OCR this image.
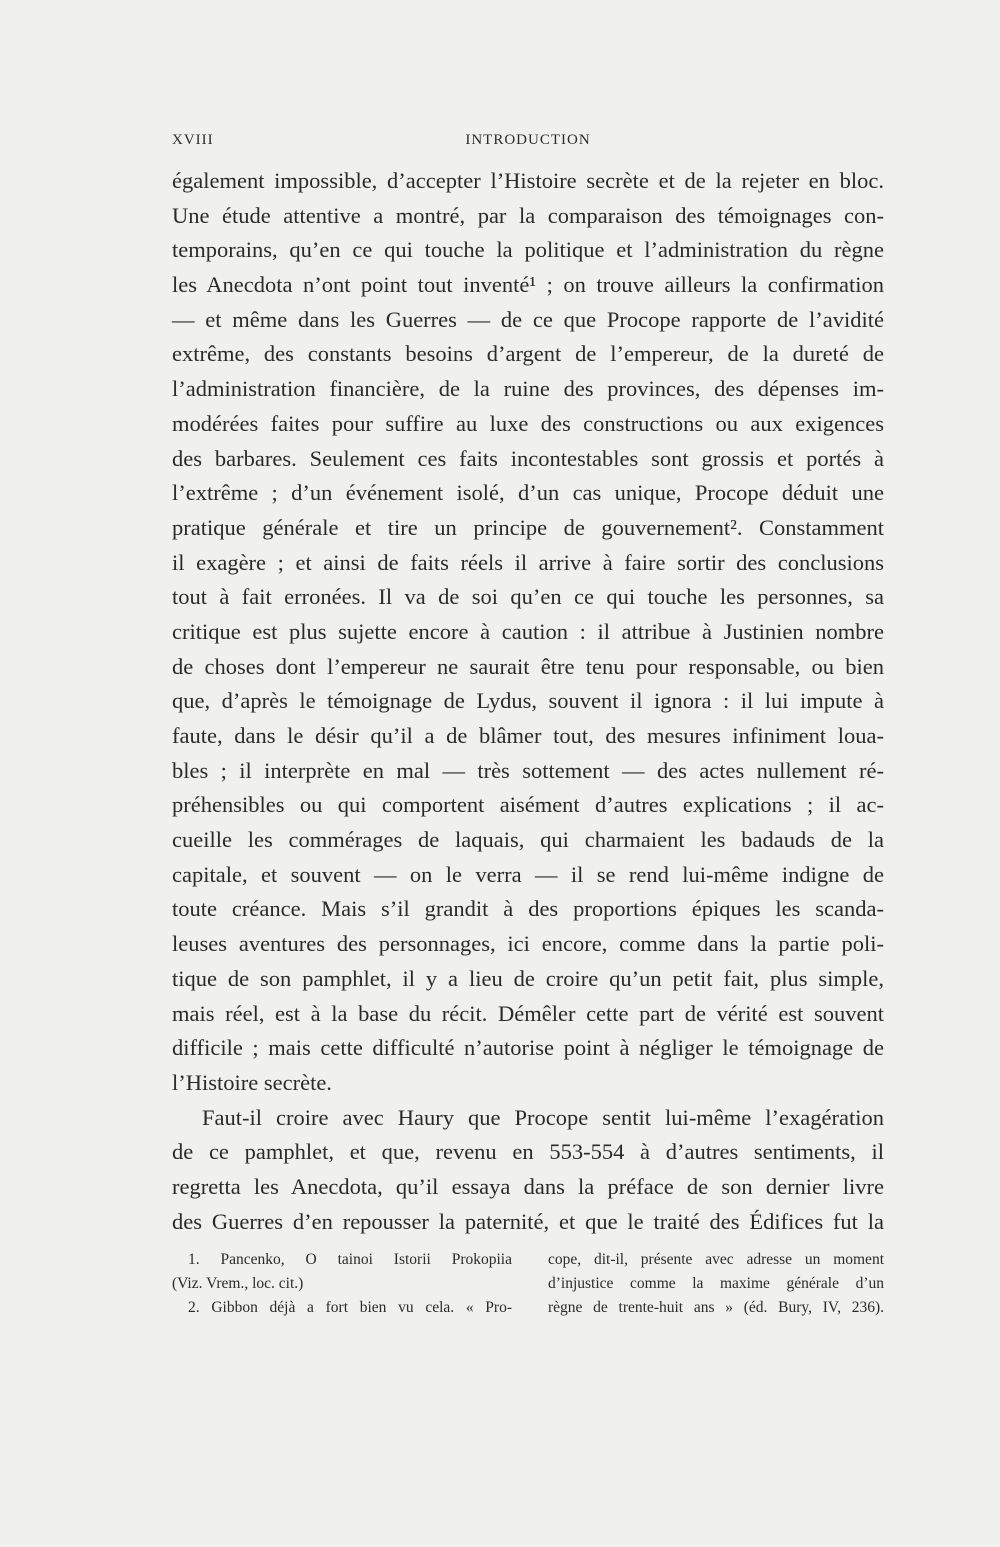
XVIII	INTRODUCTION
également impossible, d’accepter l’Histoire secrète et de la rejeter en bloc.
Une étude attentive a montré, par la comparaison des témoignages con-
temporains, qu’en ce qui touche la politique et l’administration du règne
les Anecdota n’ont point tout inventé¹ ; on trouve ailleurs la confirmation
— et même dans les Guerres — de ce que Procope rapporte de l’avidité
extrême, des constants besoins d’argent de l’empereur, de la dureté de
l’administration financière, de la ruine des provinces, des dépenses im-
modérées faites pour suffire au luxe des constructions ou aux exigences
des barbares. Seulement ces faits incontestables sont grossis et portés à
l’extrême ; d’un événement isolé, d’un cas unique, Procope déduit une
pratique générale et tire un principe de gouvernement². Constamment
il exagère ; et ainsi de faits réels il arrive à faire sortir des conclusions
tout à fait erronées. Il va de soi qu’en ce qui touche les personnes, sa
critique est plus sujette encore à caution : il attribue à Justinien nombre
de choses dont l’empereur ne saurait être tenu pour responsable, ou bien
que, d’après le témoignage de Lydus, souvent il ignora : il lui impute à
faute, dans le désir qu’il a de blâmer tout, des mesures infiniment loua-
bles ; il interprète en mal — très sottement — des actes nullement ré-
préhensibles ou qui comportent aisément d’autres explications ; il ac-
cueille les commérages de laquais, qui charmaient les badauds de la
capitale, et souvent — on le verra — il se rend lui-même indigne de
toute créance. Mais s’il grandit à des proportions épiques les scanda-
leuses aventures des personnages, ici encore, comme dans la partie poli-
tique de son pamphlet, il y a lieu de croire qu’un petit fait, plus simple,
mais réel, est à la base du récit. Démêler cette part de vérité est souvent
difficile ; mais cette difficulté n’autorise point à négliger le témoignage de
l’Histoire secrète.
Faut-il croire avec Haury que Procope sentit lui-même l’exagération
de ce pamphlet, et que, revenu en 553-554 à d’autres sentiments, il
regretta les Anecdota, qu’il essaya dans la préface de son dernier livre
des Guerres d’en repousser la paternité, et que le traité des Édifices fut la
1. Pancenko, O tainoi Istorii Prokopiia
(Viz. Vrem., loc. cit.)
2. Gibbon déjà a fort bien vu cela. « Pro-
cope, dit-il, présente avec adresse un moment
d’injustice comme la maxime générale d’un
règne de trente-huit ans » (éd. Bury, IV, 236).
